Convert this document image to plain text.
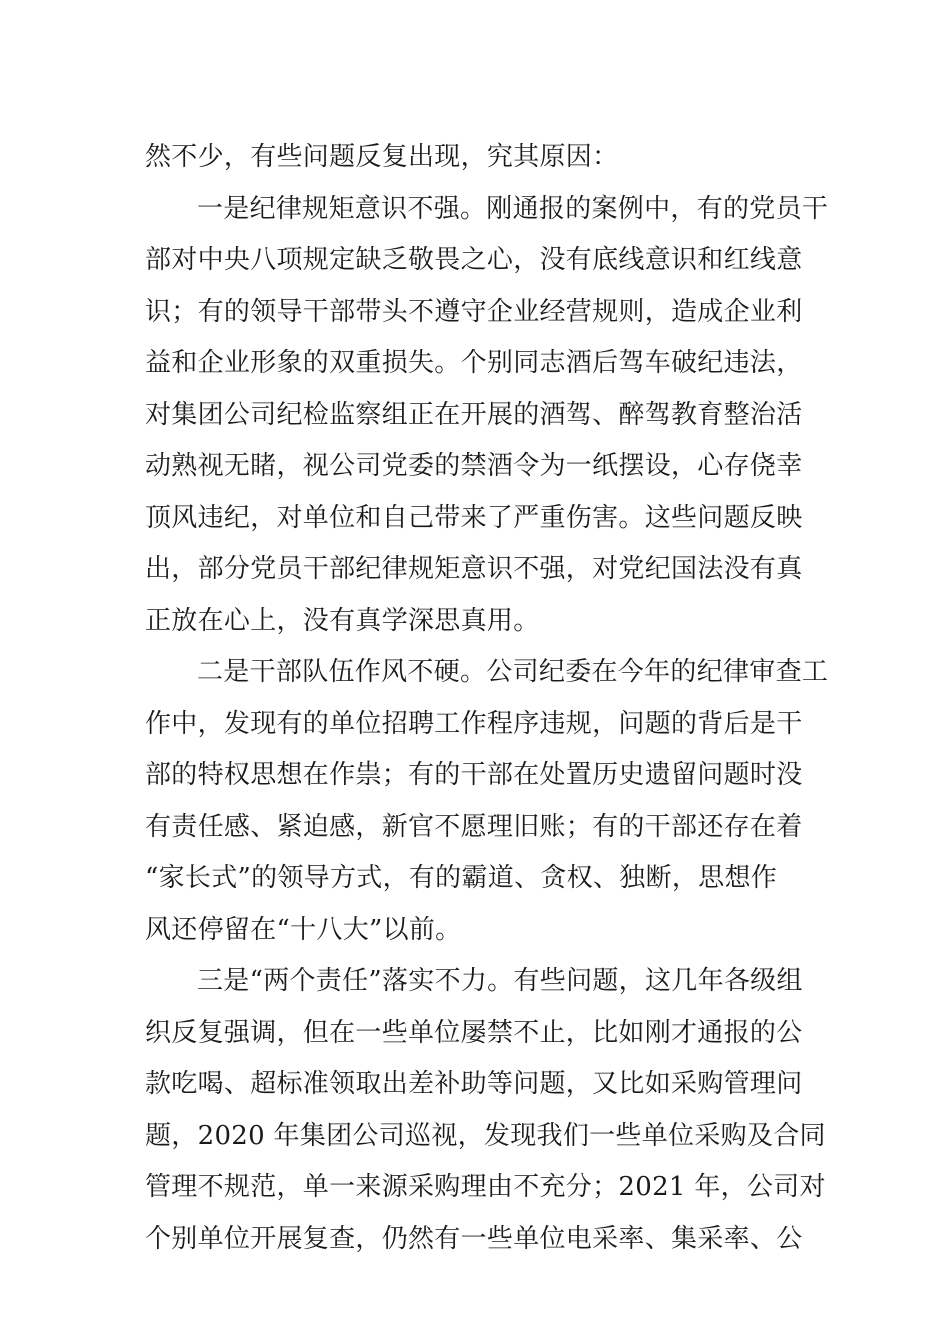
然不少，有些问题反复出现，究其原因：
一是纪律规矩意识不强。刚通报的案例中，有的党员干
部对中央八项规定缺乏敬畏之心，没有底线意识和红线意
识；有的领导干部带头不遵守企业经营规则，造成企业利
益和企业形象的双重损失。个别同志酒后驾车破纪违法，
对集团公司纪检监察组正在开展的酒驾、醉驾教育整治活
动熟视无睹，视公司党委的禁酒令为一纸摆设，心存侥幸
顶风违纪，对单位和自己带来了严重伤害。这些问题反映
出，部分党员干部纪律规矩意识不强，对党纪国法没有真
正放在心上，没有真学深思真用。
二是干部队伍作风不硬。公司纪委在今年的纪律审查工
作中，发现有的单位招聘工作程序违规，问题的背后是干
部的特权思想在作祟；有的干部在处置历史遗留问题时没
有责任感、紧迫感，新官不愿理旧账；有的干部还存在着
“家长式”的领导方式，有的霸道、贪权、独断，思想作
风还停留在“十八大”以前。
三是“两个责任”落实不力。有些问题，这几年各级组
织反复强调，但在一些单位屡禁不止，比如刚才通报的公
款吃喝、超标准领取出差补助等问题，又比如采购管理问
题，2020 年集团公司巡视，发现我们一些单位采购及合同
管理不规范，单一来源采购理由不充分；2021 年，公司对
个别单位开展复查，仍然有一些单位电采率、集采率、公
